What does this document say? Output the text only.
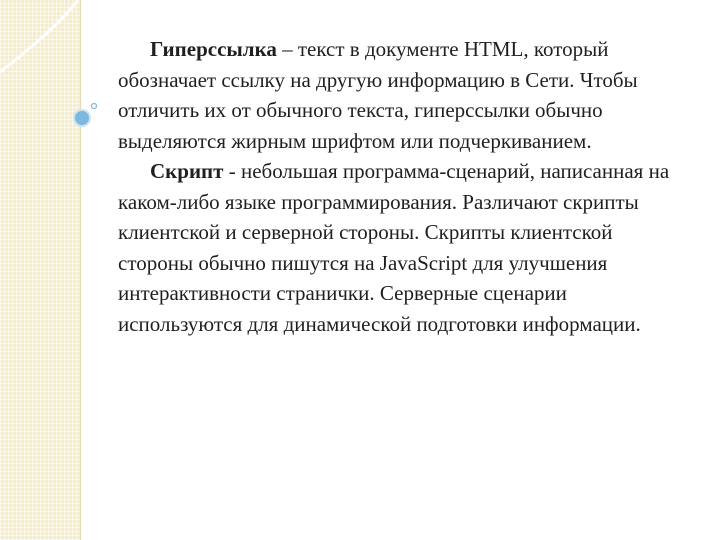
Гиперссылка – текст в документе HTML, который обозначает ссылку на другую информацию в Сети. Чтобы отличить их от обычного текста, гиперссылки обычно выделяются жирным шрифтом или подчеркиванием.

Скрипт - небольшая программа-сценарий, написанная на каком-либо языке программирования. Различают скрипты клиентской и серверной стороны. Скрипты клиентской стороны обычно пишутся на JavaScript для улучшения интерактивности странички. Серверные сценарии используются для динамической подготовки информации.
